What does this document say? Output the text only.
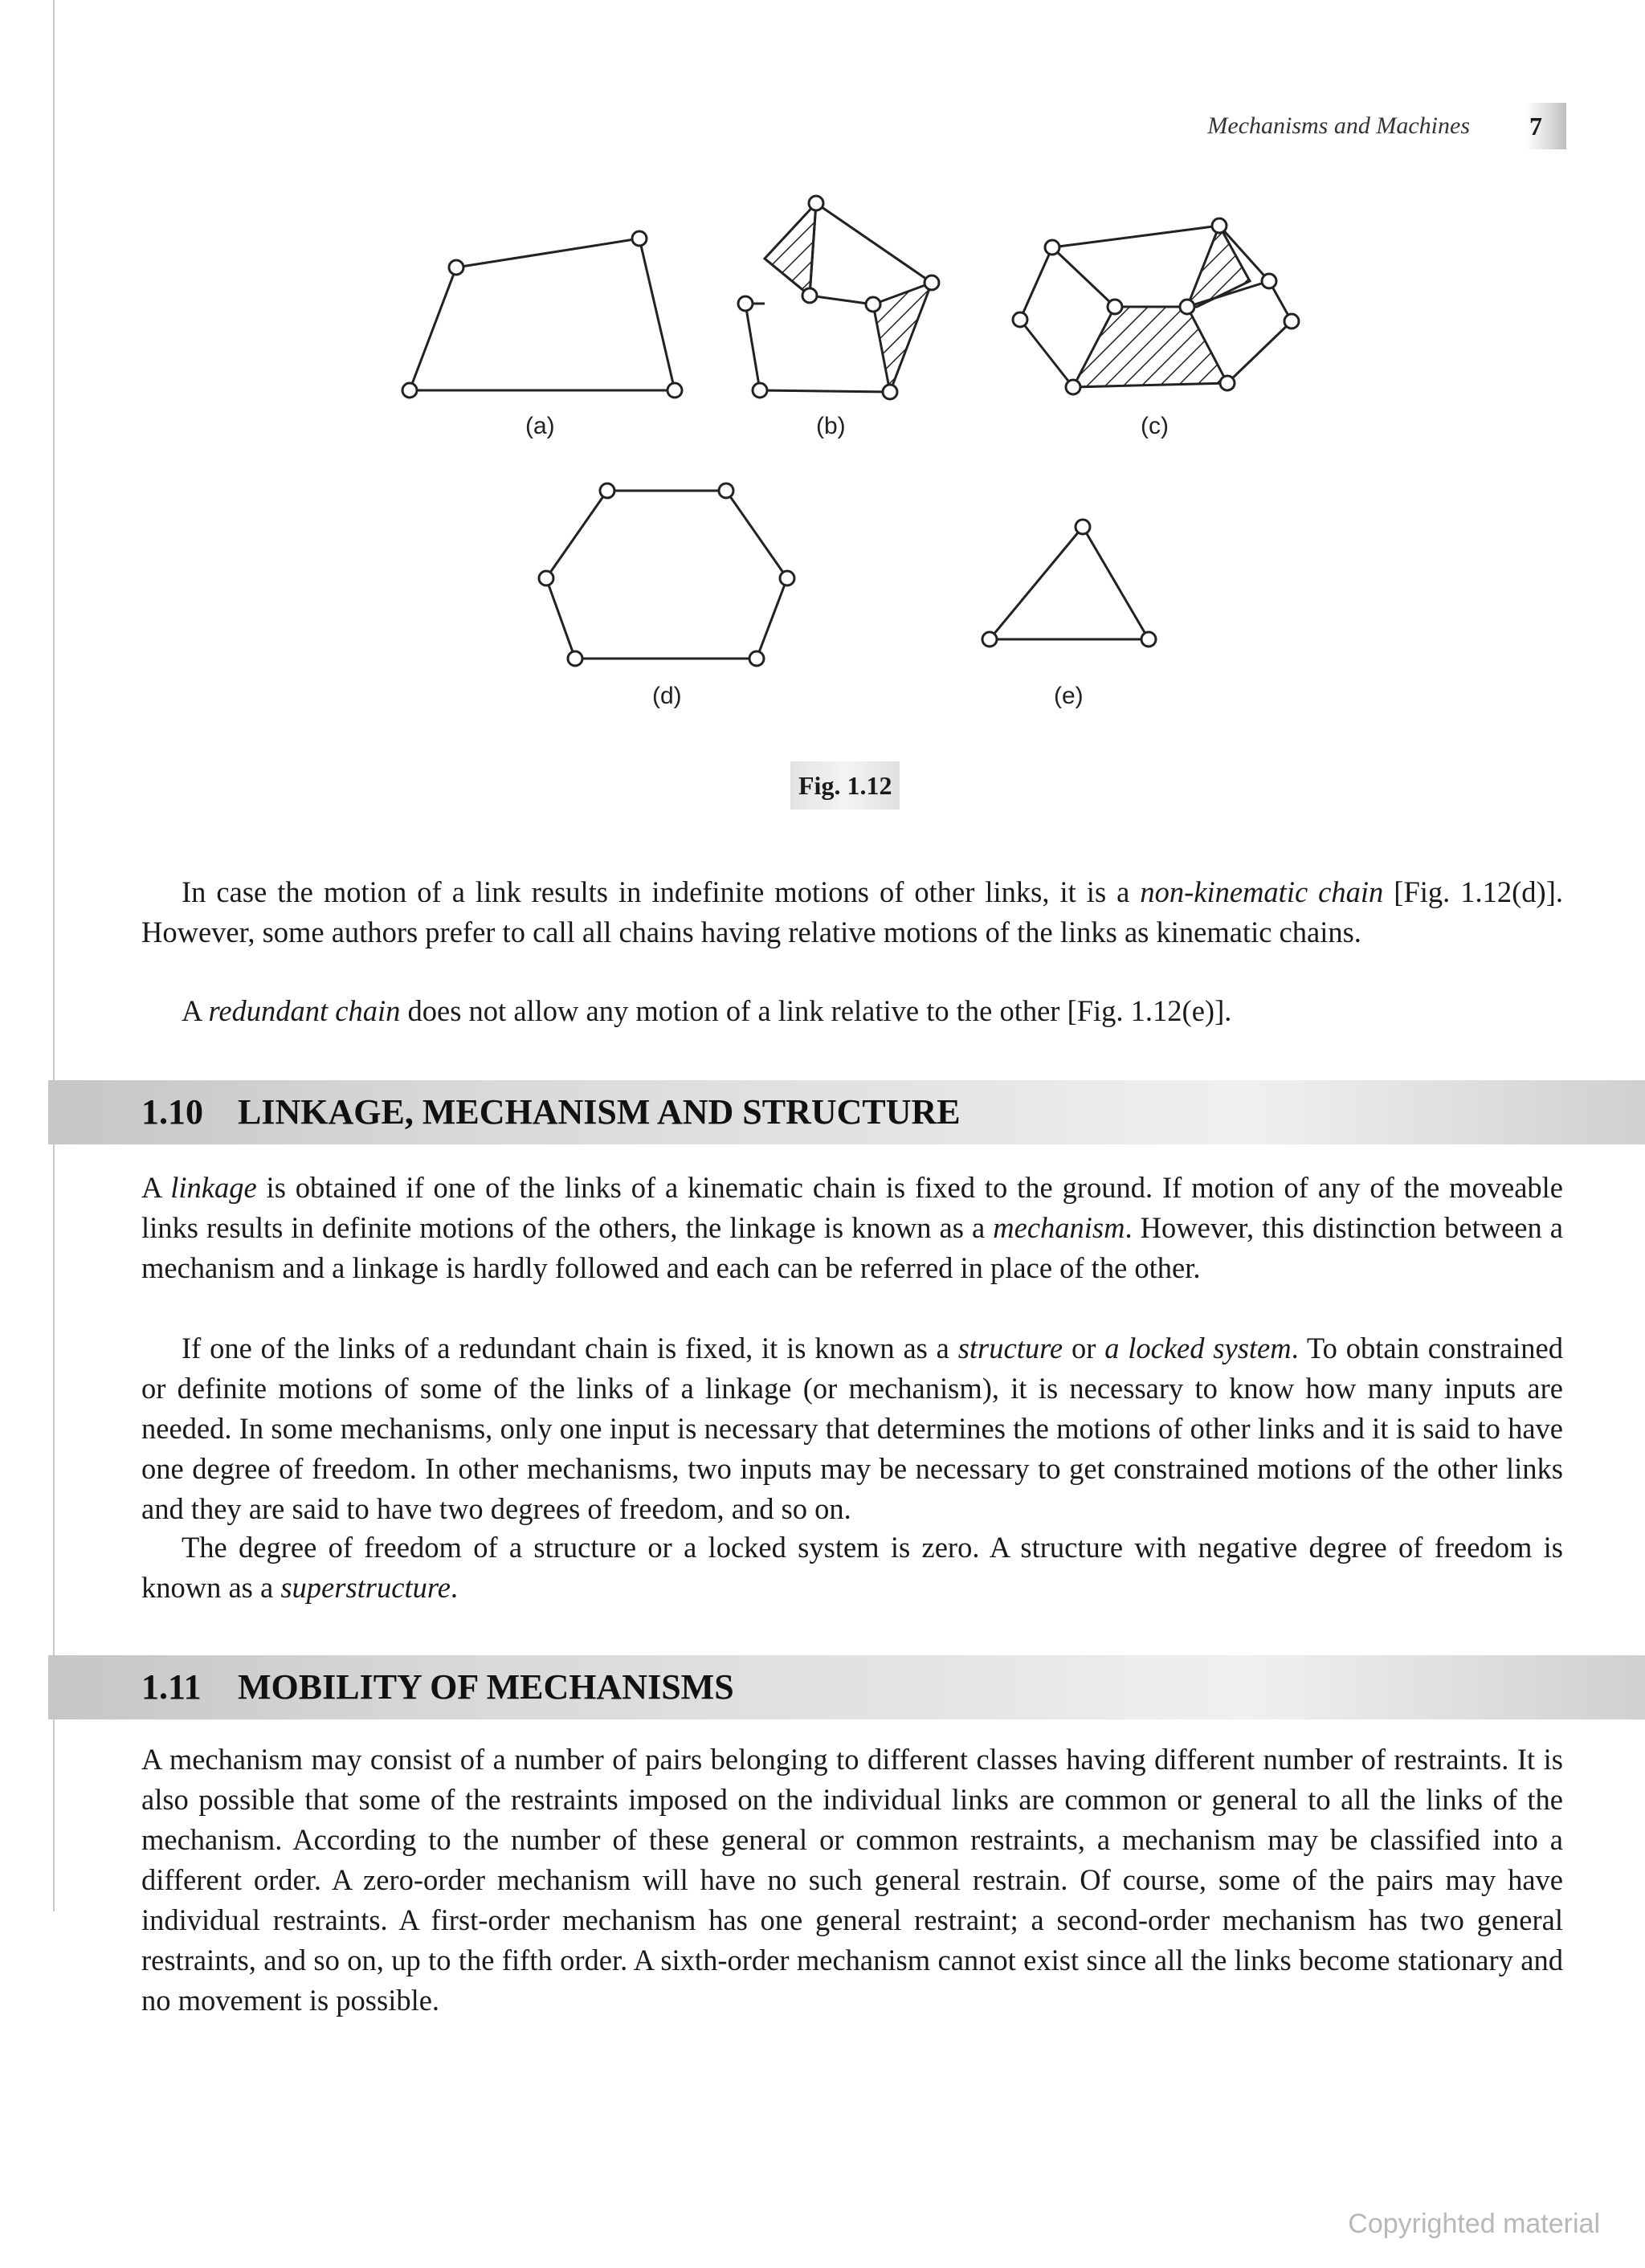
Mechanisms and Machines 7
(a)	(b)	(c)
(d)	(e)
Fig. 1.12

In case the motion of a link results in indefinite motions of other links, it is a non-kinematic chain [Fig. 1.12(d)]. However, some authors prefer to call all chains having relative motions of the links as kinematic chains.

A redundant chain does not allow any motion of a link relative to the other [Fig. 1.12(e)].

1.10 LINKAGE, MECHANISM AND STRUCTURE

A linkage is obtained if one of the links of a kinematic chain is fixed to the ground. If motion of any of the moveable links results in definite motions of the others, the linkage is known as a mechanism. However, this distinction between a mechanism and a linkage is hardly followed and each can be referred in place of the other.

If one of the links of a redundant chain is fixed, it is known as a structure or a locked system. To obtain constrained or definite motions of some of the links of a linkage (or mechanism), it is necessary to know how many inputs are needed. In some mechanisms, only one input is necessary that determines the motions of other links and it is said to have one degree of freedom. In other mechanisms, two inputs may be necessary to get constrained motions of the other links and they are said to have two degrees of freedom, and so on.

The degree of freedom of a structure or a locked system is zero. A structure with negative degree of freedom is known as a superstructure.

1.11 MOBILITY OF MECHANISMS

A mechanism may consist of a number of pairs belonging to different classes having different number of restraints. It is also possible that some of the restraints imposed on the individual links are common or general to all the links of the mechanism. According to the number of these general or common restraints, a mechanism may be classified into a different order. A zero-order mechanism will have no such general restrain. Of course, some of the pairs may have individual restraints. A first-order mechanism has one general restraint; a second-order mechanism has two general restraints, and so on, up to the fifth order. A sixth-order mechanism cannot exist since all the links become stationary and no movement is possible.

Copyrighted material
